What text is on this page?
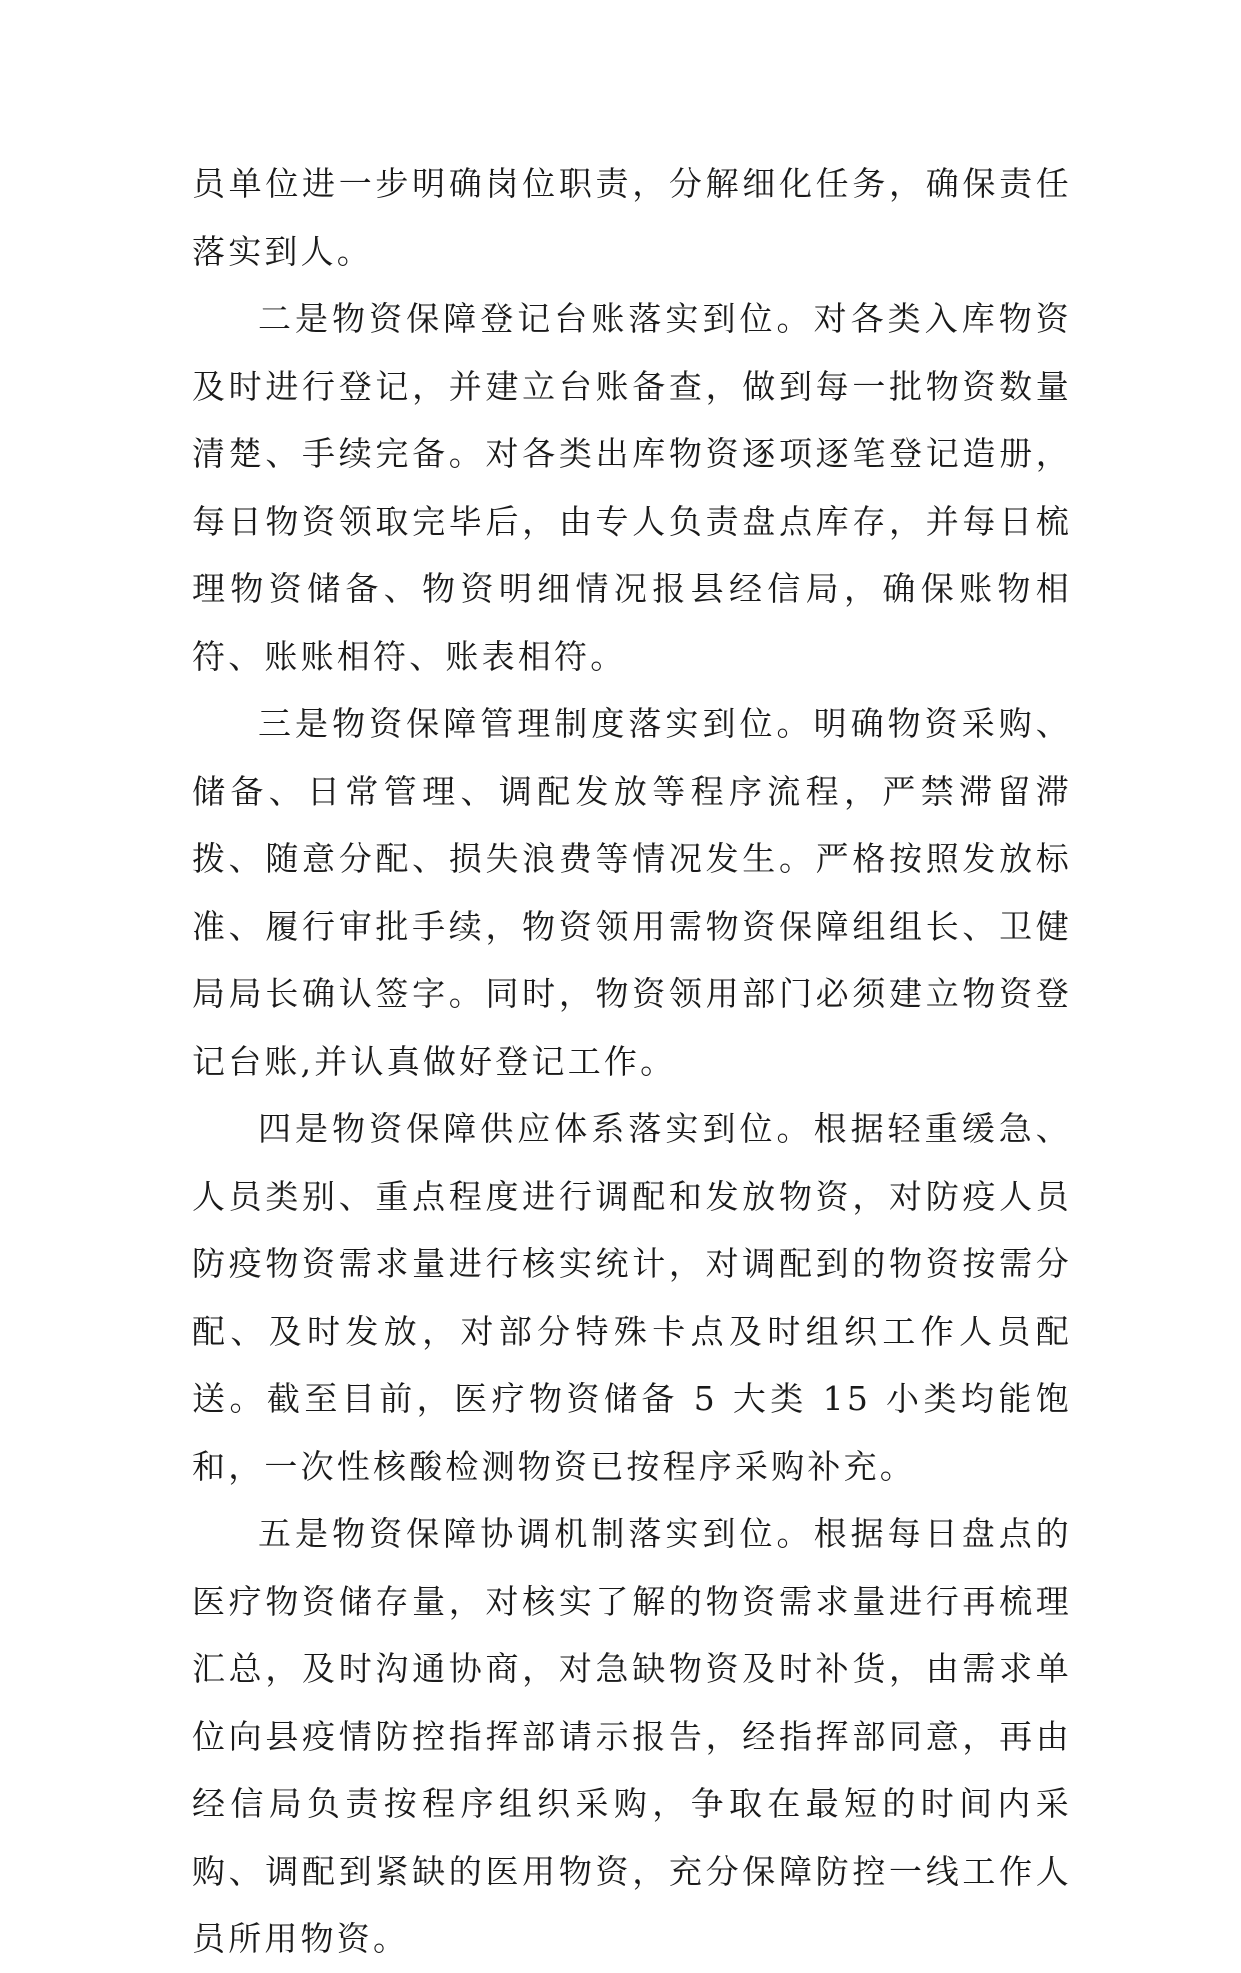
员单位进一步明确岗位职责，分解细化任务，确保责任落实到人。

二是物资保障登记台账落实到位。对各类入库物资及时进行登记，并建立台账备查，做到每一批物资数量清楚、手续完备。对各类出库物资逐项逐笔登记造册，每日物资领取完毕后，由专人负责盘点库存，并每日梳理物资储备、物资明细情况报县经信局，确保账物相符、账账相符、账表相符。

三是物资保障管理制度落实到位。明确物资采购、储备、日常管理、调配发放等程序流程，严禁滞留滞拨、随意分配、损失浪费等情况发生。严格按照发放标准、履行审批手续，物资领用需物资保障组组长、卫健局局长确认签字。同时，物资领用部门必须建立物资登记台账,并认真做好登记工作。

四是物资保障供应体系落实到位。根据轻重缓急、人员类别、重点程度进行调配和发放物资，对防疫人员防疫物资需求量进行核实统计，对调配到的物资按需分配、及时发放，对部分特殊卡点及时组织工作人员配送。截至目前，医疗物资储备 5 大类 15 小类均能饱和，一次性核酸检测物资已按程序采购补充。

五是物资保障协调机制落实到位。根据每日盘点的医疗物资储存量，对核实了解的物资需求量进行再梳理汇总，及时沟通协商，对急缺物资及时补货，由需求单位向县疫情防控指挥部请示报告，经指挥部同意，再由经信局负责按程序组织采购，争取在最短的时间内采购、调配到紧缺的医用物资，充分保障防控一线工作人员所用物资。
